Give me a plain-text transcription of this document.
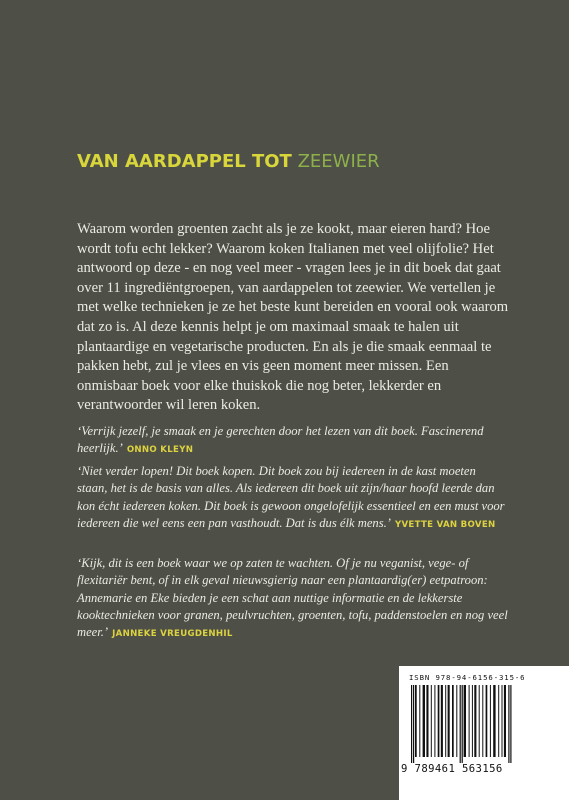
VAN AARDAPPEL TOT ZEEWIER

Waarom worden groenten zacht als je ze kookt, maar eieren hard? Hoe wordt tofu echt lekker? Waarom koken Italianen met veel olijfolie? Het antwoord op deze - en nog veel meer - vragen lees je in dit boek dat gaat over 11 ingrediëntgroepen, van aardappelen tot zeewier. We vertellen je met welke technieken je ze het beste kunt bereiden en vooral ook waarom dat zo is. Al deze kennis helpt je om maximaal smaak te halen uit plantaardige en vegetarische producten. En als je die smaak eenmaal te pakken hebt, zul je vlees en vis geen moment meer missen. Een onmisbaar boek voor elke thuiskok die nog beter, lekkerder en verantwoorder wil leren koken.

‘Verrijk jezelf, je smaak en je gerechten door het lezen van dit boek. Fascinerend heerlijk.’ ONNO KLEYN

‘Niet verder lopen! Dit boek kopen. Dit boek zou bij iedereen in de kast moeten staan, het is de basis van alles. Als iedereen dit boek uit zijn/haar hoofd leerde dan kon écht iedereen koken. Dit boek is gewoon ongelofelijk essentieel en een must voor iedereen die wel eens een pan vasthoudt. Dat is dus élk mens.’ YVETTE VAN BOVEN

‘Kijk, dit is een boek waar we op zaten te wachten. Of je nu veganist, vege- of flexitariër bent, of in elk geval nieuwsgierig naar een plantaardig(er) eetpatroon: Annemarie en Eke bieden je een schat aan nuttige informatie en de lekkerste kooktechnieken voor granen, peulvruchten, groenten, tofu, paddenstoelen en nog veel meer.’ JANNEKE VREUGDENHIL

ISBN 978-94-6156-315-6
9 789461 563156
